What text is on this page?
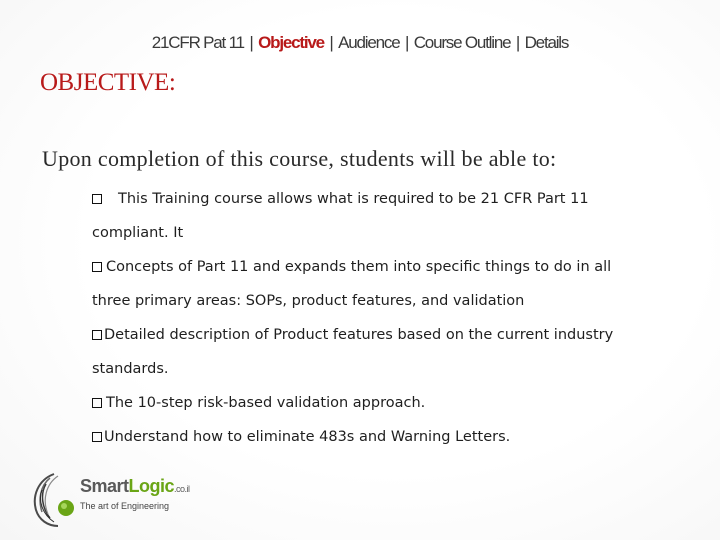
21CFR Pat 11 | Objective | Audience | Course Outline | Details
OBJECTIVE:
Upon completion of this course, students will be able to:
This Training course allows what is required to be 21 CFR Part 11
compliant. It
Concepts of Part 11 and expands them into specific things to do in all
three primary areas: SOPs, product features, and validation
Detailed description of Product features based on the current industry
standards.
The 10-step risk-based validation approach.
Understand how to eliminate 483s and Warning Letters.
SmartLogic.co.il
The art of Engineering
